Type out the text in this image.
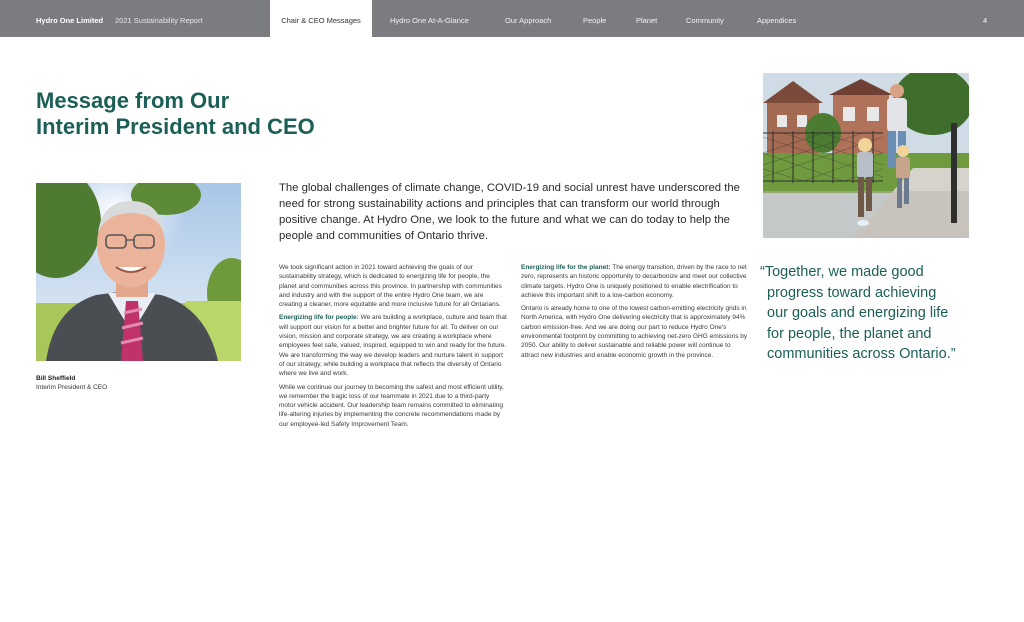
Hydro One Limited 2021 Sustainability Report	Chair & CEO Messages	Hydro One At-A-Glance	Our Approach	People	Planet	Community	Appendices	4
Message from Our
Interim President and CEO
Bill Sheffield
Interim President & CEO

The global challenges of climate change, COVID-19 and social unrest have underscored the need for strong sustainability actions and principles that can transform our world through positive change. At Hydro One, we look to the future and what we can do today to help the people and communities of Ontario thrive.

We took significant action in 2021 toward achieving the goals of our sustainability strategy, which is dedicated to energizing life for people, the planet and communities across this province. In partnership with communities and industry and with the support of the entire Hydro One team, we are creating a cleaner, more equitable and more inclusive future for all Ontarians.

Energizing life for people: We are building a workplace, culture and team that will support our vision for a better and brighter future for all. To deliver on our vision, mission and corporate strategy, we are creating a workplace where employees feel safe, valued, inspired, equipped to win and ready for the future. We are transforming the way we develop leaders and nurture talent in support of our strategy, while building a workplace that reflects the diversity of Ontario where we live and work.

While we continue our journey to becoming the safest and most efficient utility, we remember the tragic loss of our teammate in 2021 due to a third-party motor vehicle accident. Our leadership team remains committed to eliminating life-altering injuries by implementing the concrete recommendations made by our employee-led Safety Improvement Team.

Energizing life for the planet: The energy transition, driven by the race to net zero, represents an historic opportunity to decarbonize and meet our collective climate targets. Hydro One is uniquely positioned to enable electrification to achieve this important shift to a low-carbon economy.

Ontario is already home to one of the lowest carbon-emitting electricity grids in North America, with Hydro One delivering electricity that is approximately 94% carbon emission-free. And we are doing our part to reduce Hydro One's environmental footprint by committing to achieving net-zero GHG emissions by 2050. Our ability to deliver sustainable and reliable power will continue to attract new industries and enable economic growth in the province.

“Together, we made good
progress toward achieving
our goals and energizing life
for people, the planet and
communities across Ontario.”
